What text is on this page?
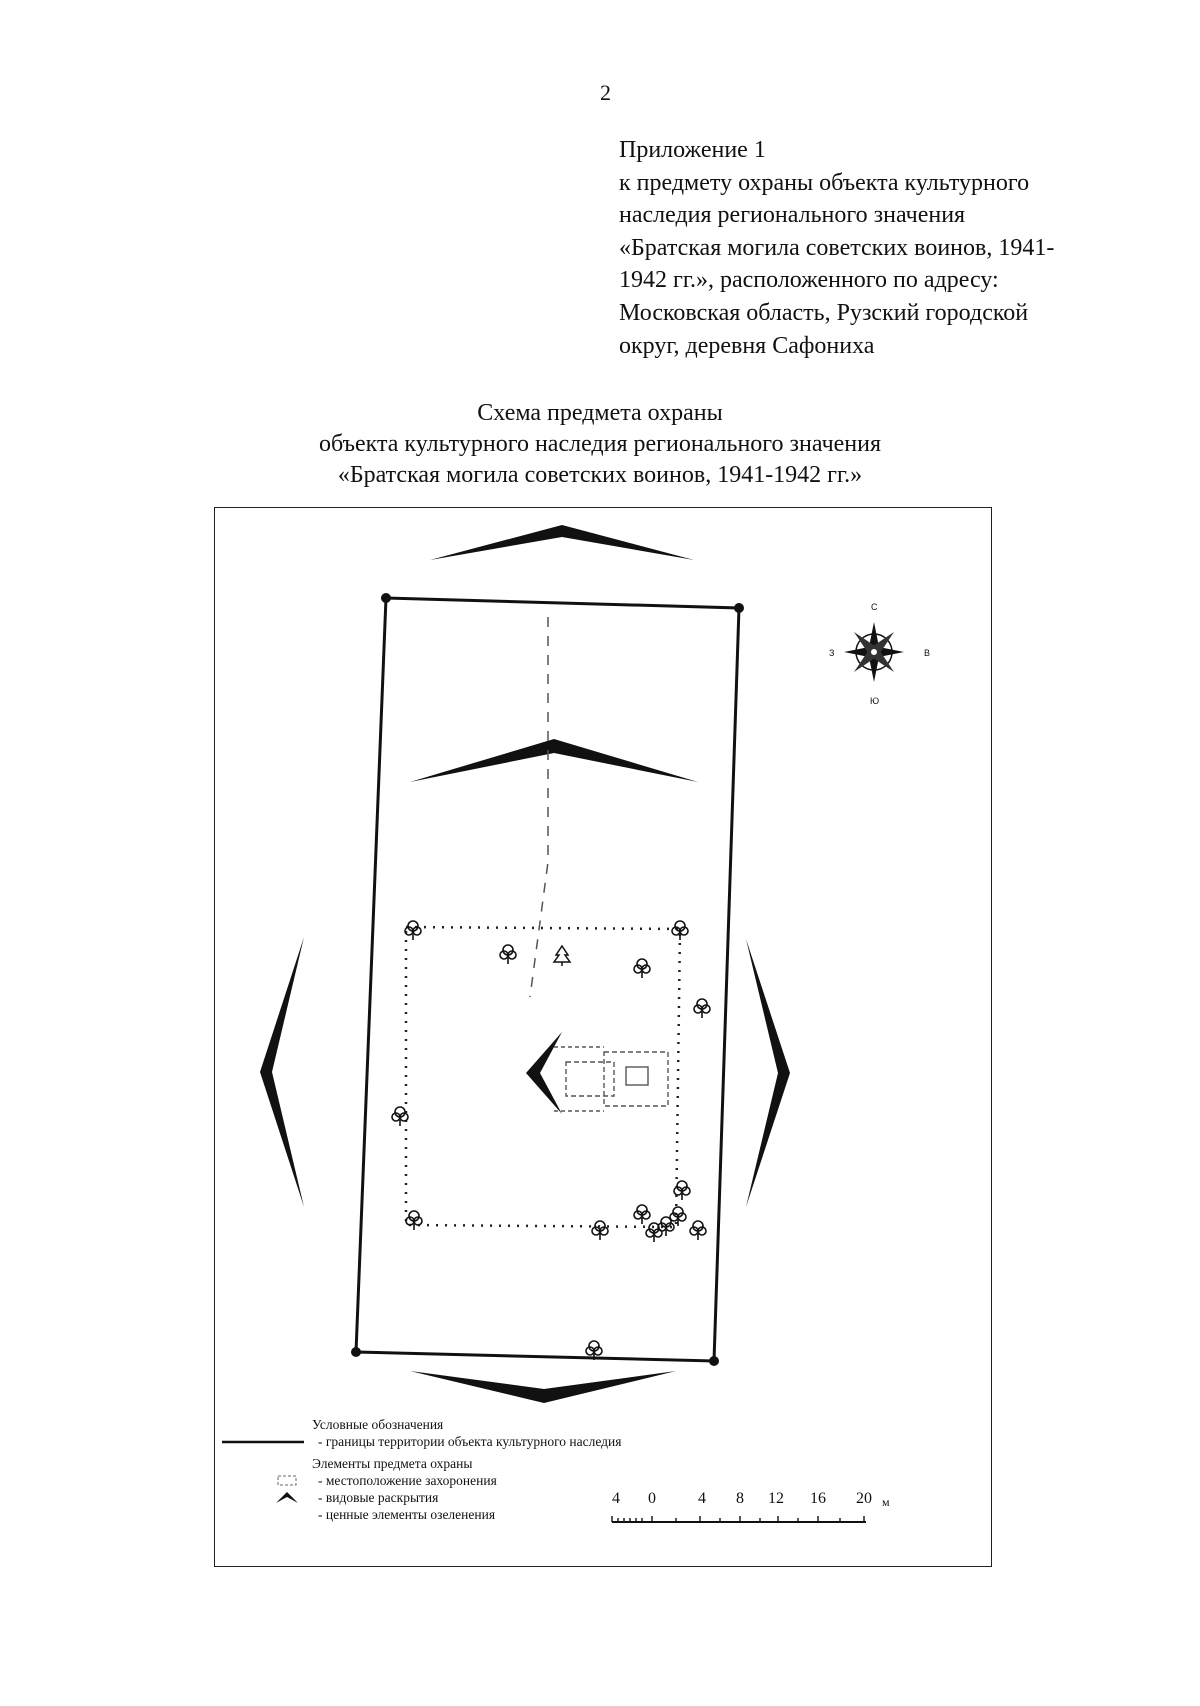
2
Приложение 1
к предмету охраны объекта культурного
наследия регионального значения
«Братская могила советских воинов, 1941-
1942 гг.», расположенного по адресу:
Московская область, Рузский городской
округ, деревня Сафониха
Схема предмета охраны
объекта культурного наследия регионального значения
«Братская могила советских воинов, 1941-1942 гг.»
С
В
Ю
З
Условные обозначения
- границы территории объекта культурного наследия
Элементы предмета охраны
- местоположение захоронения
- видовые раскрытия
- ценные элементы озеленения
4 0	4 8 12 16 20 м
